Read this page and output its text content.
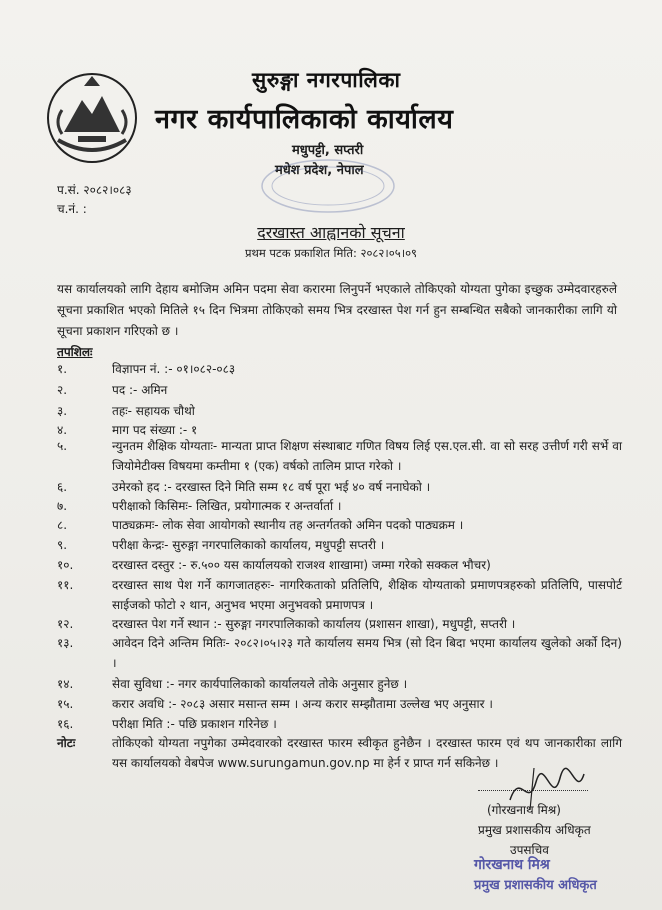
सुरुङ्गा नगरपालिका
नगर कार्यपालिकाको कार्यालय
मधुपट्टी, सप्तरी
मधेश प्रदेश, नेपाल
प.सं. २०८२।०८३
च.नं. :
दरखास्त आह्वानको सूचना
प्रथम पटक प्रकाशित मिति: २०८२।०५।०९
यस कार्यालयको लागि देहाय बमोजिम अमिन पदमा सेवा करारमा लिनुपर्ने भएकाले तोकिएको योग्यता पुगेका इच्छुक उम्मेदवारहरुले सूचना प्रकाशित भएको मितिले १५ दिन भित्रमा तोकिएको समय भित्र दरखास्त पेश गर्न हुन सम्बन्धित सबैको जानकारीका लागि यो सूचना प्रकाशन गरिएको छ ।
तपशिलः
१.	विज्ञापन नं. :- ०१।०८२-०८३
२.	पद :- अमिन
३.	तहः- सहायक चौथो
४.	माग पद संख्या :- १
५.	न्युनतम शैक्षिक योग्यताः- मान्यता प्राप्त शिक्षण संस्थाबाट गणित विषय लिई एस.एल.सी. वा सो सरह उत्तीर्ण गरी सर्भे वा जियोमेटीक्स विषयमा कम्तीमा १ (एक) वर्षको तालिम प्राप्त गरेको ।
६.	उमेरको हद :- दरखास्त दिने मिति सम्म १८ वर्ष पूरा भई ४० वर्ष ननाघेको ।
७.	परीक्षाको किसिमः- लिखित, प्रयोगात्मक र अन्तर्वार्ता ।
८.	पाठ्यक्रमः- लोक सेवा आयोगको स्थानीय तह अन्तर्गतको अमिन पदको पाठ्यक्रम ।
९.	परीक्षा केन्द्रः- सुरुङ्गा नगरपालिकाको कार्यालय, मधुपट्टी सप्तरी ।
१०.	दरखास्त दस्तुर :- रु.५०० यस कार्यालयको राजश्व शाखामा) जम्मा गरेको सक्कल भौचर)
११.	दरखास्त साथ पेश गर्ने कागजातहरुः- नागरिकताको प्रतिलिपि, शैक्षिक योग्यताको प्रमाणपत्रहरुको प्रतिलिपि, पासपोर्ट साईजको फोटो २ थान, अनुभव भएमा अनुभवको प्रमाणपत्र ।
१२.	दरखास्त पेश गर्ने स्थान :- सुरुङ्गा नगरपालिकाको कार्यालय (प्रशासन शाखा), मधुपट्टी, सप्तरी ।
१३.	आवेदन दिने अन्तिम मितिः- २०८२।०५।२३ गते कार्यालय समय भित्र (सो दिन बिदा भएमा कार्यालय खुलेको अर्को दिन) ।
१४.	सेवा सुविधा :- नगर कार्यपालिकाको कार्यालयले तोके अनुसार हुनेछ ।
१५.	करार अवधि :- २०८३ असार मसान्त सम्म । अन्य करार सम्झौतामा उल्लेख भए अनुसार ।
१६.	परीक्षा मिति :- पछि प्रकाशन गरिनेछ ।
नोटः	तोकिएको योग्यता नपुगेका उम्मेदवारको दरखास्त फारम स्वीकृत हुनेछैन । दरखास्त फारम एवं थप जानकारीका लागि यस कार्यालयको वेबपेज www.surungamun.gov.np मा हेर्न र प्राप्त गर्न सकिनेछ ।
(गोरखनाथ मिश्र)
प्रमुख प्रशासकीय अधिकृत
उपसचिव
गोरखनाथ मिश्र
प्रमुख प्रशासकीय अधिकृत
